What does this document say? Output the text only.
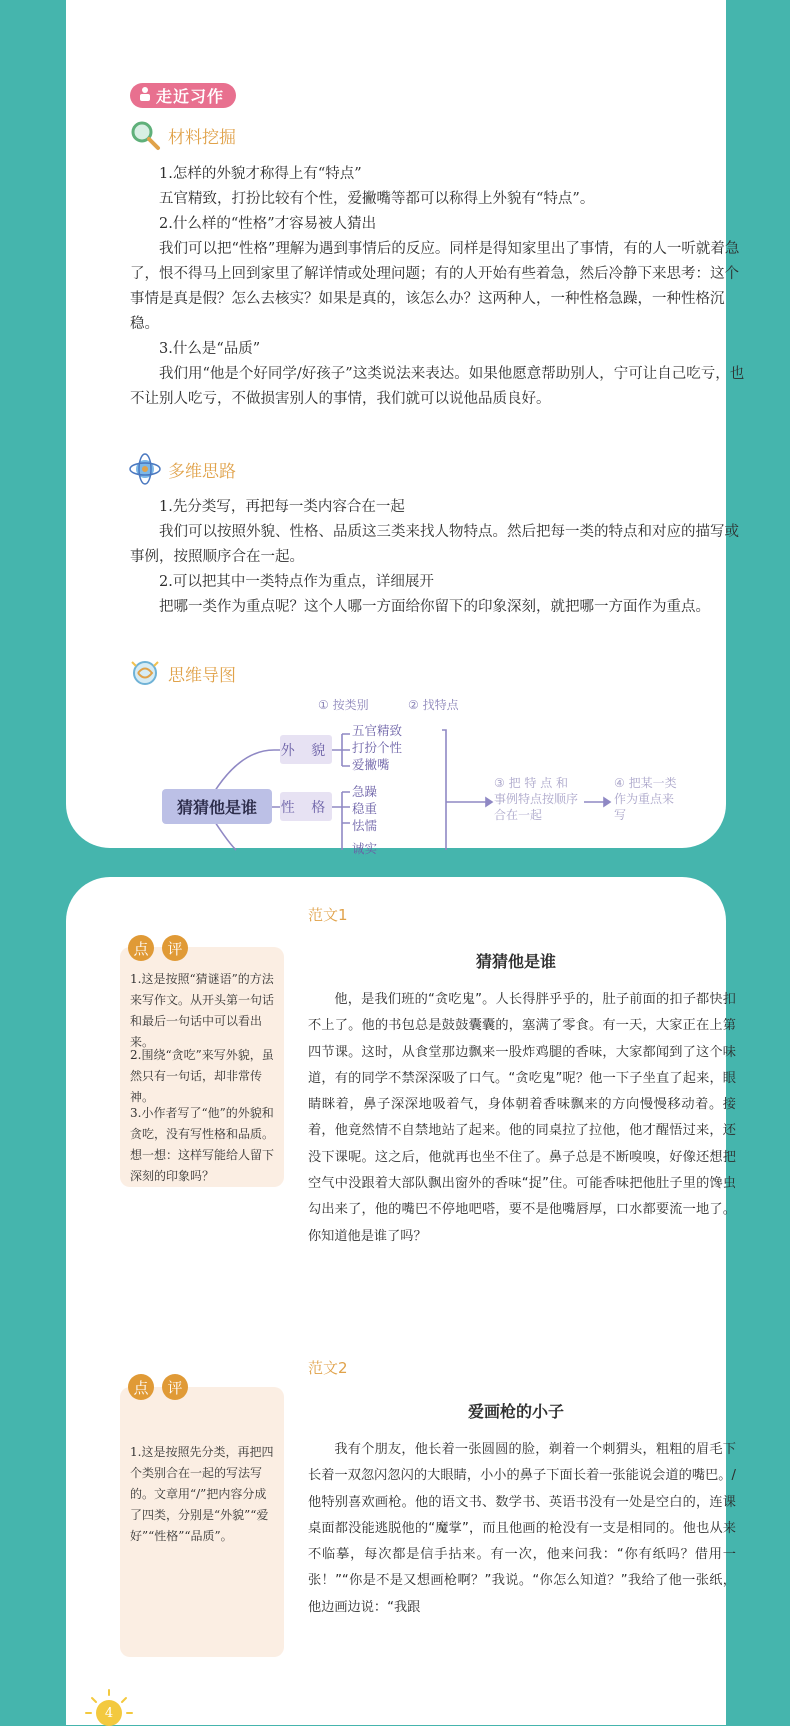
走近习作
材料挖掘

1.怎样的外貌才称得上有“特点”

五官精致，打扮比较有个性，爱撇嘴等都可以称得上外貌有“特点”。

2.什么样的“性格”才容易被人猜出

我们可以把“性格”理解为遇到事情后的反应。同样是得知家里出了事情，有的人一听就着急了，恨不得马上回到家里了解详情或处理问题；有的人开始有些着急，然后冷静下来思考：这个事情是真是假？怎么去核实？如果是真的，该怎么办？这两种人，一种性格急躁，一种性格沉稳。

3.什么是“品质”

我们用“他是个好同学/好孩子”这类说法来表达。如果他愿意帮助别人，宁可让自己吃亏，也不让别人吃亏，不做损害别人的事情，我们就可以说他品质良好。

多维思路

1.先分类写，再把每一类内容合在一起

我们可以按照外貌、性格、品质这三类来找人物特点。然后把每一类的特点和对应的描写或事例，按照顺序合在一起。

2.可以把其中一类特点作为重点，详细展开

把哪一类作为重点呢？这个人哪一方面给你留下的印象深刻，就把哪一方面作为重点。

思维导图
① 按类别	② 找特点
猜猜他是谁
外 貌
性 格
五官精致
打扮个性
爱撇嘴
急躁
稳重
怯懦
诚实
③ 把 特 点 和事例特点按顺序合在一起
④ 把某一类作为重点来写
点	评
1.这是按照“猜谜语”的方法来写作文。从开头第一句话和最后一句话中可以看出来。
2.围绕“贪吃”来写外貌，虽然只有一句话，却非常传神。
3.小作者写了“他”的外貌和贪吃，没有写性格和品质。想一想：这样写能给人留下深刻的印象吗？
范文1
猜猜他是谁
他，是我们班的“贪吃鬼”。人长得胖乎乎的，肚子前面的扣子都快扣不上了。他的书包总是鼓鼓囊囊的，塞满了零食。有一天，大家正在上第四节课。这时，从食堂那边飘来一股炸鸡腿的香味，大家都闻到了这个味道，有的同学不禁深深吸了口气。“贪吃鬼”呢？他一下子坐直了起来，眼睛眯着，鼻子深深地吸着气，身体朝着香味飘来的方向慢慢移动着。接着，他竟然情不自禁地站了起来。他的同桌拉了拉他，他才醒悟过来，还没下课呢。这之后，他就再也坐不住了。鼻子总是不断嗅嗅，好像还想把空气中没跟着大部队飘出窗外的香味“捉”住。可能香味把他肚子里的馋虫勾出来了，他的嘴巴不停地吧嗒，要不是他嘴唇厚，口水都要流一地了。你知道他是谁了吗？
点	评
1.这是按照先分类，再把四个类别合在一起的写法写的。文章用“/”把内容分成了四类，分别是“外貌”“爱好”“性格”“品质”。
范文2
爱画枪的小子
我有个朋友，他长着一张圆圆的脸，剃着一个刺猬头，粗粗的眉毛下长着一双忽闪忽闪的大眼睛，小小的鼻子下面长着一张能说会道的嘴巴。/他特别喜欢画枪。他的语文书、数学书、英语书没有一处是空白的，连课桌面都没能逃脱他的“魔掌”，而且他画的枪没有一支是相同的。他也从来不临摹，每次都是信手拈来。有一次，他来问我：“你有纸吗？借用一张！”“你是不是又想画枪啊？”我说。“你怎么知道？”我给了他一张纸，他边画边说：“我跟
4
